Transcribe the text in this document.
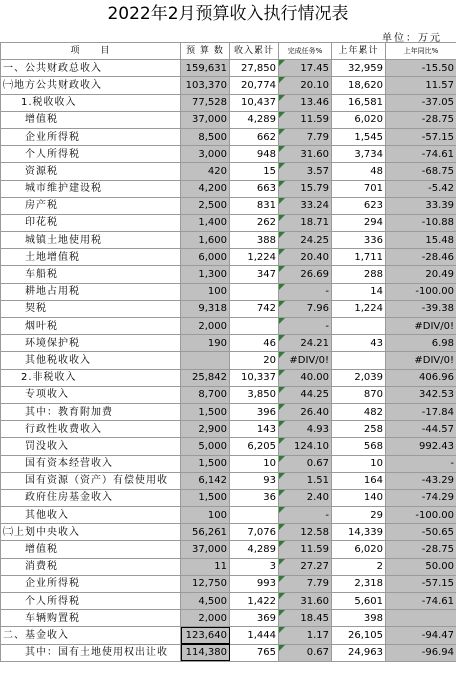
2022年2月预算收入执行情况表
单位：万元
项　　目	预 算 数	收入累计	完成任务%	上年累计	上年同比%
一、公共财政总收入	159,631	27,850	17.45	32,959	-15.50
㈠地方公共财政收入	103,370	20,774	20.10	18,620	11.57
1.税收收入	77,528	10,437	13.46	16,581	-37.05
增值税	37,000	4,289	11.59	6,020	-28.75
企业所得税	8,500	662	7.79	1,545	-57.15
个人所得税	3,000	948	31.60	3,734	-74.61
资源税	420	15	3.57	48	-68.75
城市维护建设税	4,200	663	15.79	701	-5.42
房产税	2,500	831	33.24	623	33.39
印花税	1,400	262	18.71	294	-10.88
城镇土地使用税	1,600	388	24.25	336	15.48
土地增值税	6,000	1,224	20.40	1,711	-28.46
车船税	1,300	347	26.69	288	20.49
耕地占用税	100		-	14	-100.00
契税	9,318	742	7.96	1,224	-39.38
烟叶税	2,000		-		#DIV/0!
环境保护税	190	46	24.21	43	6.98
其他税收收入		20	#DIV/0!		#DIV/0!
2.非税收入	25,842	10,337	40.00	2,039	406.96
专项收入	8,700	3,850	44.25	870	342.53
其中：教育附加费	1,500	396	26.40	482	-17.84
行政性收费收入	2,900	143	4.93	258	-44.57
罚没收入	5,000	6,205	124.10	568	992.43
国有资本经营收入	1,500	10	0.67	10	-
国有资源（资产）有偿使用收	6,142	93	1.51	164	-43.29
政府住房基金收入	1,500	36	2.40	140	-74.29
其他收入	100		-	29	-100.00
㈡上划中央收入	56,261	7,076	12.58	14,339	-50.65
增值税	37,000	4,289	11.59	6,020	-28.75
消费税	11	3	27.27	2	50.00
企业所得税	12,750	993	7.79	2,318	-57.15
个人所得税	4,500	1,422	31.60	5,601	-74.61
车辆购置税	2,000	369	18.45	398	
二、基金收入	123,640	1,444	1.17	26,105	-94.47
其中：国有土地使用权出让收	114,380	765	0.67	24,963	-96.94
